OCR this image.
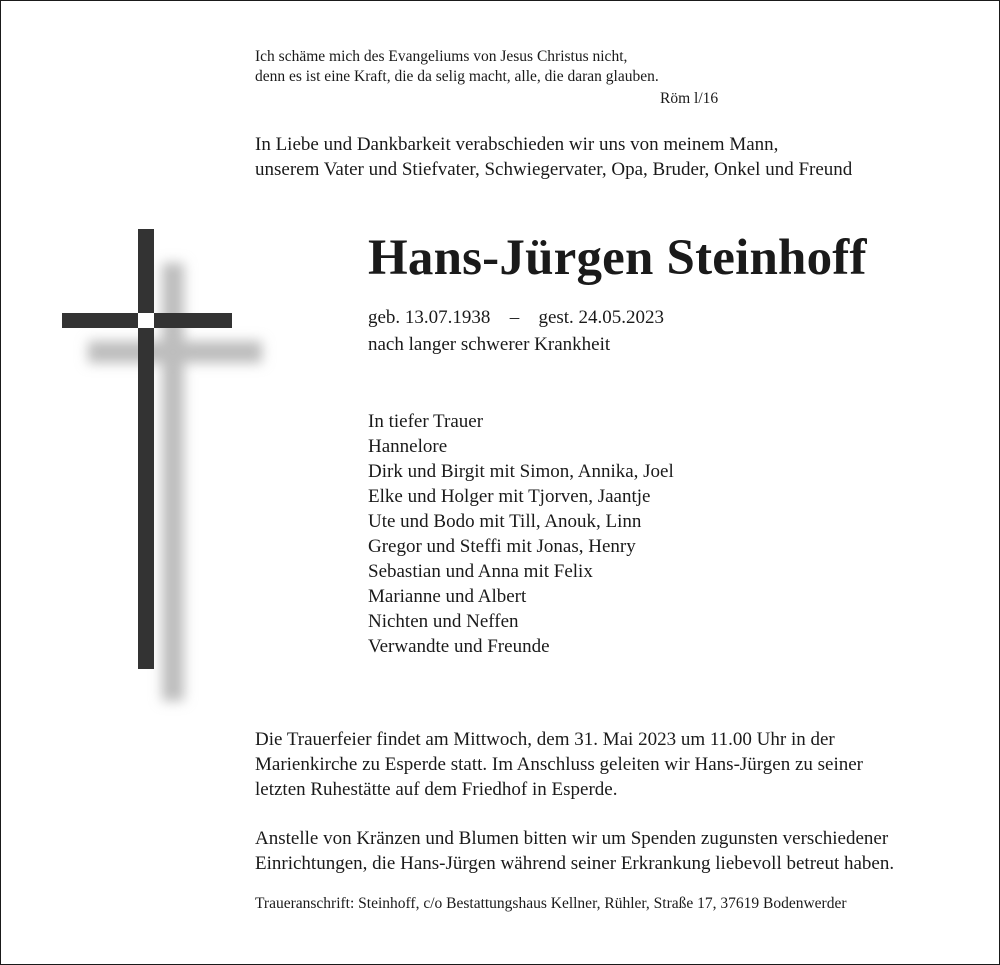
Ich schäme mich des Evangeliums von Jesus Christus nicht,
denn es ist eine Kraft, die da selig macht, alle, die daran glauben.
Röm l/16
In Liebe und Dankbarkeit verabschieden wir uns von meinem Mann,
unserem Vater und Stiefvater, Schwiegervater, Opa, Bruder, Onkel und Freund
Hans-Jürgen Steinhoff
geb. 13.07.1938 – gest. 24.05.2023
nach langer schwerer Krankheit
In tiefer Trauer
Hannelore
Dirk und Birgit mit Simon, Annika, Joel
Elke und Holger mit Tjorven, Jaantje
Ute und Bodo mit Till, Anouk, Linn
Gregor und Steffi mit Jonas, Henry
Sebastian und Anna mit Felix
Marianne und Albert
Nichten und Neffen
Verwandte und Freunde
Die Trauerfeier findet am Mittwoch, dem 31. Mai 2023 um 11.00 Uhr in der
Marienkirche zu Esperde statt. Im Anschluss geleiten wir Hans-Jürgen zu seiner
letzten Ruhestätte auf dem Friedhof in Esperde.
Anstelle von Kränzen und Blumen bitten wir um Spenden zugunsten verschiedener
Einrichtungen, die Hans-Jürgen während seiner Erkrankung liebevoll betreut haben.
Traueranschrift: Steinhoff, c/o Bestattungshaus Kellner, Rühler, Straße 17, 37619 Bodenwerder
